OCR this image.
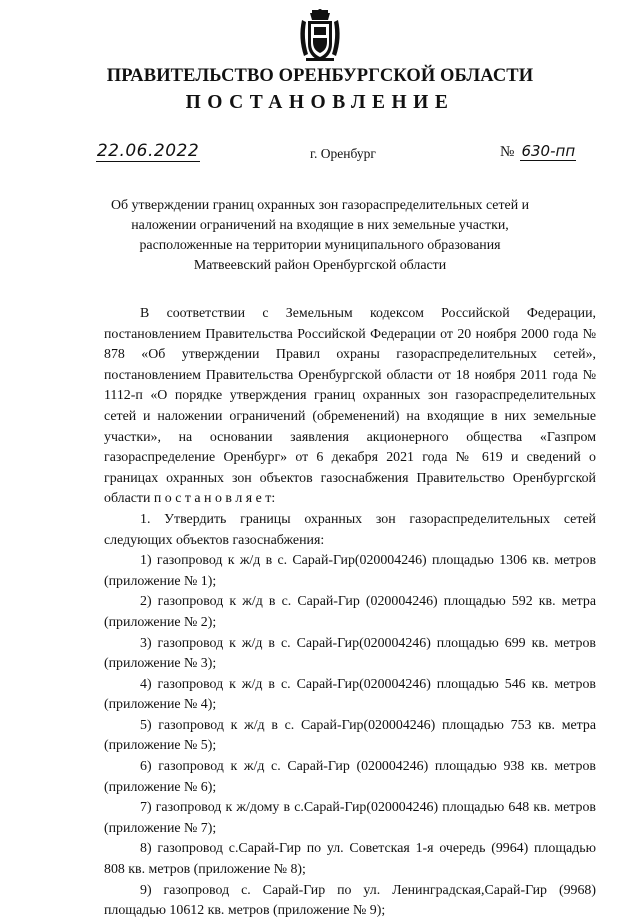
ПРАВИТЕЛЬСТВО ОРЕНБУРГСКОЙ ОБЛАСТИ
ПОСТАНОВЛЕНИЕ
22.06.2022	г. Оренбург	№ 630-пп
Об утверждении границ охранных зон газораспределительных сетей и наложении ограничений на входящие в них земельные участки, расположенные на территории муниципального образования Матвеевский район Оренбургской области

В соответствии с Земельным кодексом Российской Федерации, постановлением Правительства Российской Федерации от 20 ноября 2000 года № 878 «Об утверждении Правил охраны газораспределительных сетей», постановлением Правительства Оренбургской области от 18 ноября 2011 года № 1112-п «О порядке утверждения границ охранных зон газораспределительных сетей и наложении ограничений (обременений) на входящие в них земельные участки», на основании заявления акционерного общества «Газпром газораспределение Оренбург» от 6 декабря 2021 года № 619 и сведений о границах охранных зон объектов газоснабжения Правительство Оренбургской области п о с т а н о в л я е т:

1. Утвердить границы охранных зон газораспределительных сетей следующих объектов газоснабжения:

1) газопровод к ж/д в с. Сарай-Гир(020004246) площадью 1306 кв. метров (приложение № 1);

2) газопровод к ж/д в с. Сарай-Гир (020004246) площадью 592 кв. метра (приложение № 2);

3) газопровод к ж/д в с. Сарай-Гир(020004246) площадью 699 кв. метров (приложение № 3);

4) газопровод к ж/д в с. Сарай-Гир(020004246) площадью 546 кв. метров (приложение № 4);

5) газопровод к ж/д в с. Сарай-Гир(020004246) площадью 753 кв. метра (приложение № 5);

6) газопровод к ж/д с. Сарай-Гир (020004246) площадью 938 кв. метров (приложение № 6);

7) газопровод к ж/дому в с.Сарай-Гир(020004246) площадью 648 кв. метров (приложение № 7);

8) газопровод с.Сарай-Гир по ул. Советская 1-я очередь (9964) площадью 808 кв. метров (приложение № 8);

9) газопровод с. Сарай-Гир по ул. Ленинградская,Сарай-Гир (9968) площадью 10612 кв. метров (приложение № 9);
